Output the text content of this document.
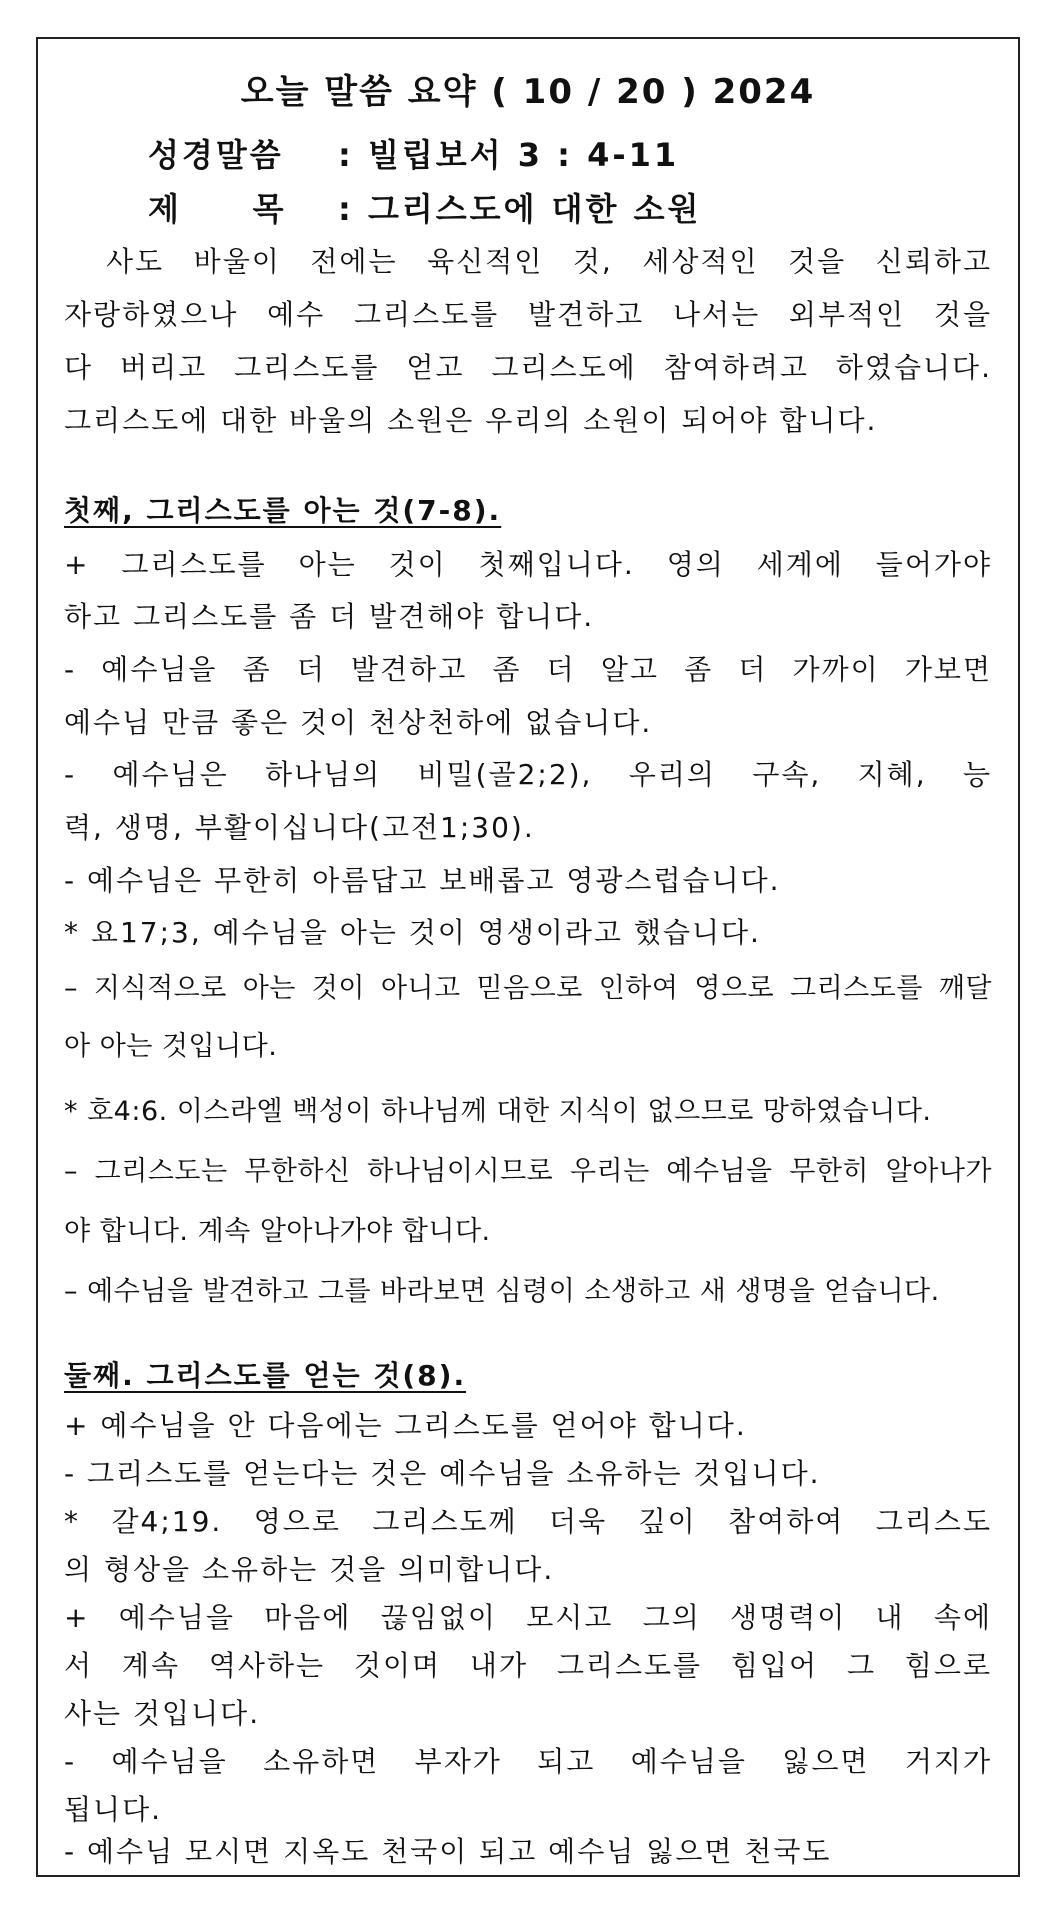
오늘 말씀 요약 ( 10 / 20 ) 2024
성경말씀 : 빌립보서 3 : 4-11
제     목 : 그리스도에 대한 소원
사도 바울이 전에는 육신적인 것, 세상적인 것을 신뢰하고
자랑하였으나 예수 그리스도를 발견하고 나서는 외부적인 것을
다 버리고 그리스도를 얻고 그리스도에 참여하려고 하였습니다.
그리스도에 대한 바울의 소원은 우리의 소원이 되어야 합니다.
첫째, 그리스도를 아는 것(7-8).
+ 그리스도를 아는 것이 첫째입니다. 영의 세계에 들어가야
하고 그리스도를 좀 더 발견해야 합니다.
- 예수님을 좀 더 발견하고 좀 더 알고 좀 더 가까이 가보면
예수님 만큼 좋은 것이 천상천하에 없습니다.
- 예수님은 하나님의 비밀(골2;2), 우리의 구속, 지혜, 능
력, 생명, 부활이십니다(고전1;30).
- 예수님은 무한히 아름답고 보배롭고 영광스럽습니다.
* 요17;3, 예수님을 아는 것이 영생이라고 했습니다.
– 지식적으로 아는 것이 아니고 믿음으로 인하여 영으로 그리스도를 깨달
아 아는 것입니다.
* 호4:6. 이스라엘 백성이 하나님께 대한 지식이 없으므로 망하였습니다.
– 그리스도는 무한하신 하나님이시므로 우리는 예수님을 무한히 알아나가
야 합니다. 계속 알아나가야 합니다.
– 예수님을 발견하고 그를 바라보면 심령이 소생하고 새 생명을 얻습니다.
둘째. 그리스도를 얻는 것(8).
+ 예수님을 안 다음에는 그리스도를 얻어야 합니다.
- 그리스도를 얻는다는 것은 예수님을 소유하는 것입니다.
* 갈4;19. 영으로 그리스도께 더욱 깊이 참여하여 그리스도
의 형상을 소유하는 것을 의미합니다.
+ 예수님을 마음에 끊임없이 모시고 그의 생명력이 내 속에
서 계속 역사하는 것이며 내가 그리스도를 힘입어 그 힘으로
사는 것입니다.
- 예수님을 소유하면 부자가 되고 예수님을 잃으면 거지가
됩니다.
- 예수님 모시면 지옥도 천국이 되고 예수님 잃으면 천국도
